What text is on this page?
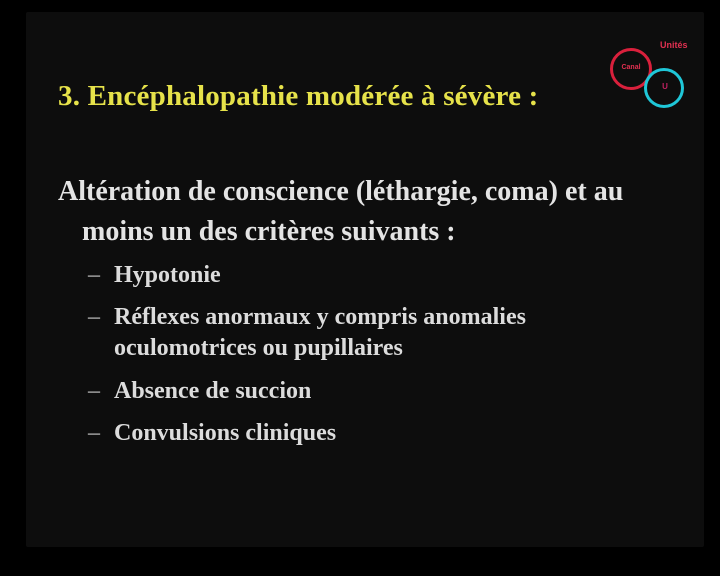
3. Encéphalopathie modérée à sévère :
Altération de conscience (léthargie, coma) et au
moins un des critères suivants :
– Hypotonie
– Réflexes anormaux y compris anomalies
oculomotrices ou pupillaires
– Absence de succion
– Convulsions cliniques
Unités
Canal
U
